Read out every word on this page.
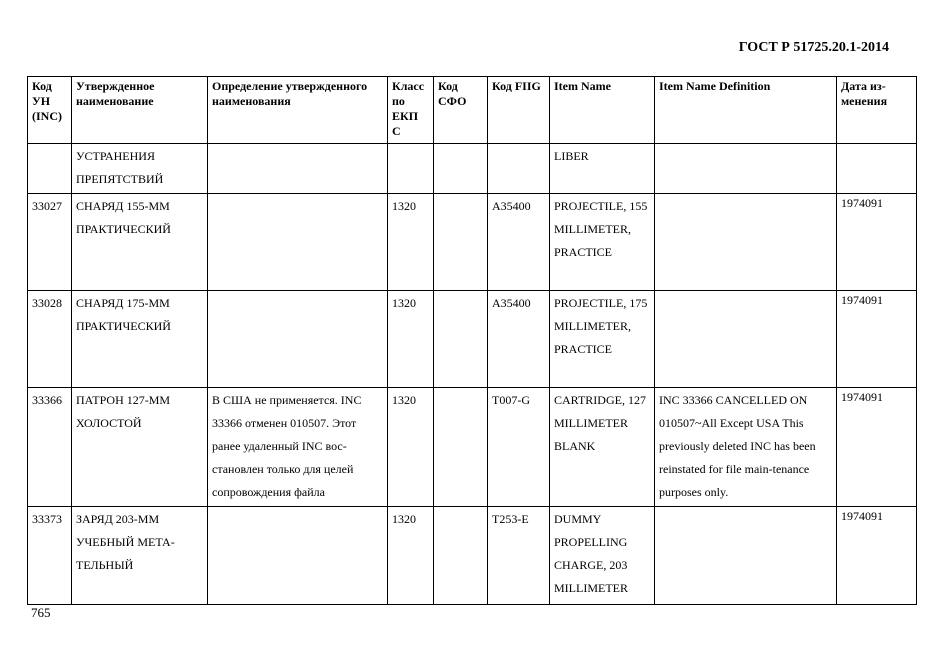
ГОСТ Р 51725.20.1-2014
Код УН (INC)	Утвержденное наименование	Определение утвержденного наименования	Класс по ЕКП С	Код СФО	Код FIIG	Item Name	Item Name Definition	Дата из-менения
	УСТРАНЕНИЯ ПРЕПЯТСТВИЙ					LIBER		
33027	СНАРЯД 155-ММ ПРАКТИЧЕСКИЙ		1320		A35400	PROJECTILE, 155 MILLIMETER, PRACTICE		1974091
33028	СНАРЯД 175-ММ ПРАКТИЧЕСКИЙ		1320		A35400	PROJECTILE, 175 MILLIMETER, PRACTICE		1974091
33366	ПАТРОН 127-ММ ХОЛОСТОЙ	В США не применяется. INC 33366 отменен 010507. Этот ранее удаленный INC вос-становлен только для целей сопровождения файла	1320		T007-G	CARTRIDGE, 127 MILLIMETER BLANK	INC 33366 CANCELLED ON 010507~All Except USA This previously deleted INC has been reinstated for file main-tenance purposes only.	1974091
33373	ЗАРЯД 203-ММ УЧЕБНЫЙ МЕТА-ТЕЛЬНЫЙ		1320		T253-E	DUMMY PROPELLING CHARGE, 203 MILLIMETER		1974091
765
